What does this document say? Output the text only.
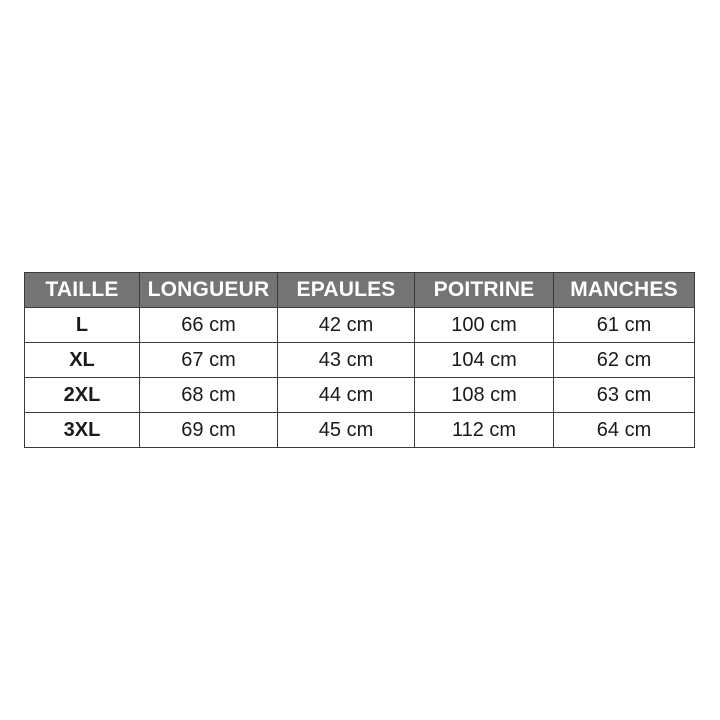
TAILLE	LONGUEUR	EPAULES	POITRINE	MANCHES
L	66 cm	42 cm	100 cm	61 cm
XL	67 cm	43 cm	104 cm	62 cm
2XL	68 cm	44 cm	108 cm	63 cm
3XL	69 cm	45 cm	112 cm	64 cm
